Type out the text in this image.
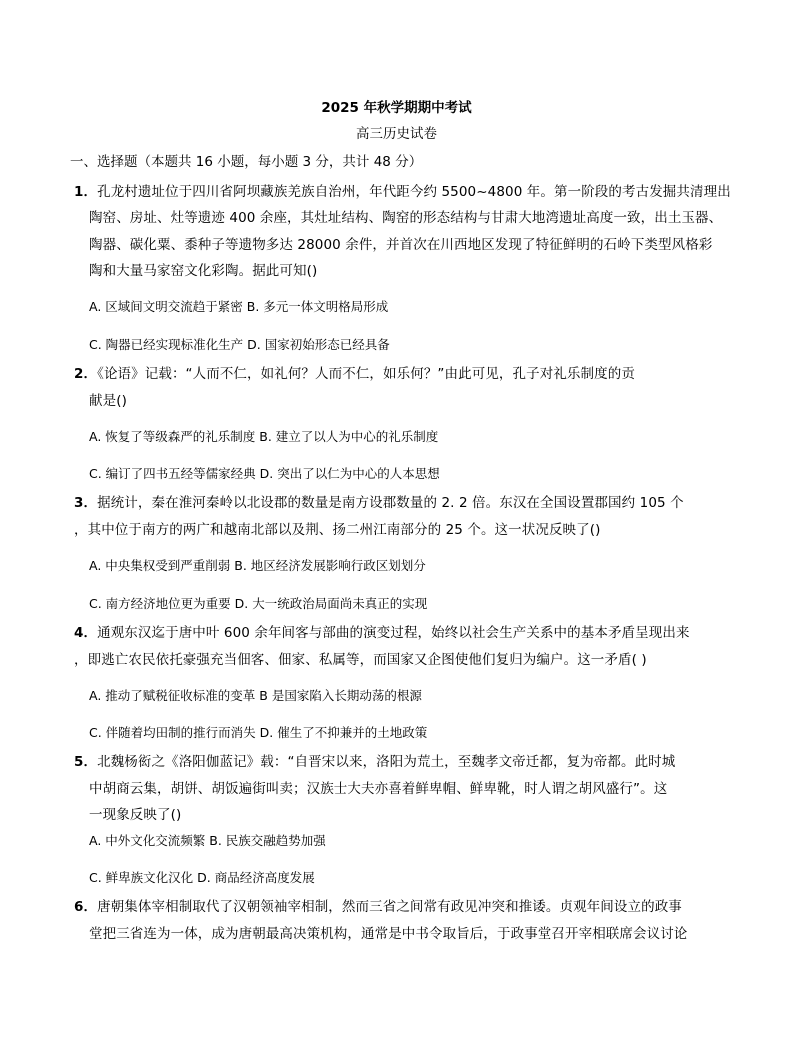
2025 年秋学期期中考试
高三历史试卷
一、选择题（本题共 16 小题，每小题 3 分，共计 48 分）
1．孔龙村遗址位于四川省阿坝藏族羌族自治州，年代距今约 5500~4800 年。第一阶段的考古发掘共清理出
陶窑、房址、灶等遗迹 400 余座，其灶址结构、陶窑的形态结构与甘肃大地湾遗址高度一致，出土玉器、
陶器、碳化粟、黍种子等遗物多达 28000 余件，并首次在川西地区发现了特征鲜明的石岭下类型风格彩
陶和大量马家窑文化彩陶。据此可知()
A. 区域间文明交流趋于紧密 B. 多元一体文明格局形成
C. 陶器已经实现标准化生产 D. 国家初始形态已经具备
2．《论语》记载：“人而不仁，如礼何？人而不仁，如乐何？”由此可见，孔子对礼乐制度的贡
献是()
A. 恢复了等级森严的礼乐制度 B. 建立了以人为中心的礼乐制度
C. 编订了四书五经等儒家经典 D. 突出了以仁为中心的人本思想
3．据统计，秦在淮河秦岭以北设郡的数量是南方设郡数量的 2. 2 倍。东汉在全国设置郡国约 105 个
，其中位于南方的两广和越南北部以及荆、扬二州江南部分的 25 个。这一状况反映了()
A. 中央集权受到严重削弱 B. 地区经济发展影响行政区划划分
C. 南方经济地位更为重要 D. 大一统政治局面尚未真正的实现
4．通观东汉迄于唐中叶 600 余年间客与部曲的演变过程，始终以社会生产关系中的基本矛盾呈现出来
，即逃亡农民依托豪强充当佃客、佃家、私属等，而国家又企图使他们复归为编户。这一矛盾( )
A. 推动了赋税征收标准的变革 B 是国家陷入长期动荡的根源
C. 伴随着均田制的推行而消失 D. 催生了不抑兼并的土地政策
5．北魏杨衒之《洛阳伽蓝记》载：“自晋宋以来，洛阳为荒土，至魏孝文帝迁都，复为帝都。此时城
中胡商云集，胡饼、胡饭遍街叫卖；汉族士大夫亦喜着鲜卑帽、鲜卑靴，时人谓之胡风盛行”。这
一现象反映了()
A. 中外文化交流频繁 B. 民族交融趋势加强
C. 鲜卑族文化汉化 D. 商品经济高度发展
6．唐朝集体宰相制取代了汉朝领袖宰相制，然而三省之间常有政见冲突和推诿。贞观年间设立的政事
堂把三省连为一体，成为唐朝最高决策机构，通常是中书令取旨后，于政事堂召开宰相联席会议讨论
